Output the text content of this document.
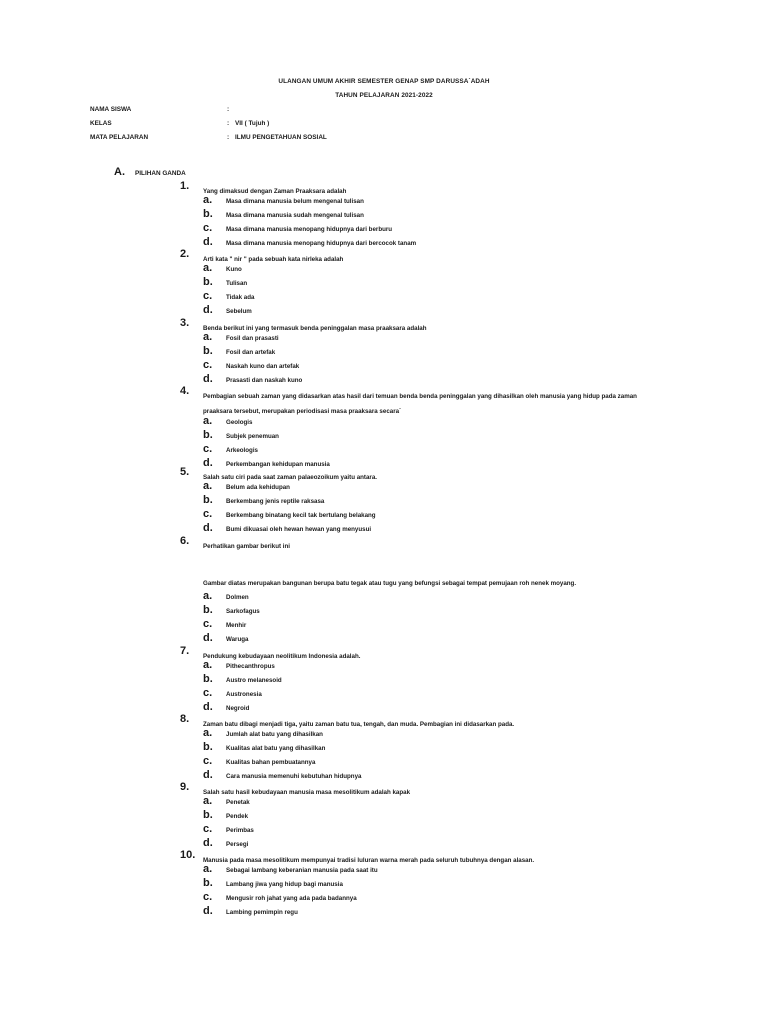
ULANGAN UMUM AKHIR SEMESTER GENAP SMP DARUSSA`ADAH
TAHUN PELAJARAN 2021-2022
NAMA SISWA	:
KELAS	: VII ( Tujuh )
MATA PELAJARAN	: ILMU PENGETAHUAN SOSIAL
A. PILIHAN GANDA
1. Yang dimaksud dengan Zaman Praaksara adalah
a. Masa dimana manusia belum mengenal tulisan
b. Masa dimana manusia sudah mengenal tulisan
c. Masa dimana manusia menopang hidupnya dari berburu
d. Masa dimana manusia menopang hidupnya dari bercocok tanam
2. Arti kata " nir " pada sebuah kata nirleka adalah
a. Kuno
b. Tulisan
c. Tidak ada
d. Sebelum
3. Benda berikut ini yang termasuk benda peninggalan masa praaksara adalah
a. Fosil dan prasasti
b. Fosil dan artefak
c. Naskah kuno dan artefak
d. Prasasti dan naskah kuno
4. Pembagian sebuah zaman yang didasarkan atas hasil dari temuan benda benda peninggalan yang dihasilkan oleh manusia yang hidup pada zaman praaksara tersebut, merupakan periodisasi masa praaksara secara`
a. Geologis
b. Subjek penemuan
c. Arkeologis
d. Perkembangan kehidupan manusia
5. Salah satu ciri pada saat zaman palaeozoikum yaitu antara.
a. Belum ada kehidupan
b. Berkembang jenis reptile raksasa
c. Berkembang binatang kecil tak bertulang belakang
d. Bumi dikuasai oleh hewan hewan yang menyusui
6. Perhatikan gambar berikut ini
Gambar diatas merupakan bangunan berupa batu tegak atau tugu yang befungsi sebagai tempat pemujaan roh nenek moyang.
a. Dolmen
b. Sarkofagus
c. Menhir
d. Waruga
7. Pendukung kebudayaan neolitikum Indonesia adalah.
a. Pithecanthropus
b. Austro melanesoid
c. Austronesia
d. Negroid
8. Zaman batu dibagi menjadi tiga, yaitu zaman batu tua, tengah, dan muda. Pembagian ini didasarkan pada.
a. Jumlah alat batu yang dihasilkan
b. Kualitas alat batu yang dihasilkan
c. Kualitas bahan pembuatannya
d. Cara manusia memenuhi kebutuhan hidupnya
9. Salah satu hasil kebudayaan manusia masa mesolitikum adalah kapak
a. Penetak
b. Pendek
c. Perimbas
d. Persegi
10. Manusia pada masa mesolitikum mempunyai tradisi luluran warna merah pada seluruh tubuhnya dengan alasan.
a. Sebagai lambang keberanian manusia pada saat itu
b. Lambang jiwa yang hidup bagi manusia
c. Mengusir roh jahat yang ada pada badannya
d. Lambing pemimpin regu
